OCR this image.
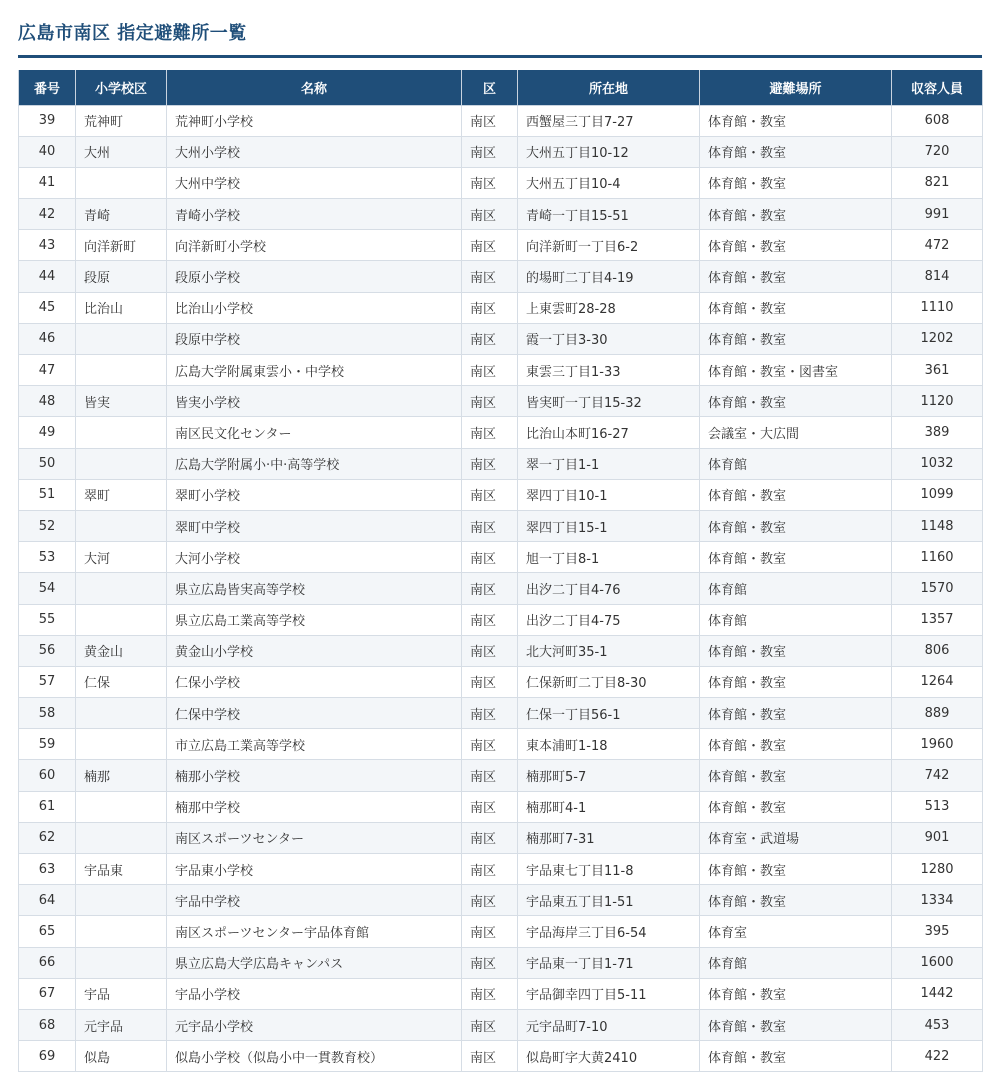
広島市南区 指定避難所一覧
番号	小学校区	名称	区	所在地	避難場所	収容人員
39	荒神町	荒神町小学校	南区	西蟹屋三丁目7-27	体育館・教室	608
40	大州	大州小学校	南区	大州五丁目10-12	体育館・教室	720
41		大州中学校	南区	大州五丁目10-4	体育館・教室	821
42	青崎	青崎小学校	南区	青崎一丁目15-51	体育館・教室	991
43	向洋新町	向洋新町小学校	南区	向洋新町一丁目6-2	体育館・教室	472
44	段原	段原小学校	南区	的場町二丁目4-19	体育館・教室	814
45	比治山	比治山小学校	南区	上東雲町28-28	体育館・教室	1110
46		段原中学校	南区	霞一丁目3-30	体育館・教室	1202
47		広島大学附属東雲小・中学校	南区	東雲三丁目1-33	体育館・教室・図書室	361
48	皆実	皆実小学校	南区	皆実町一丁目15-32	体育館・教室	1120
49		南区民文化センター	南区	比治山本町16-27	会議室・大広間	389
50		広島大学附属小·中·高等学校	南区	翠一丁目1-1	体育館	1032
51	翠町	翠町小学校	南区	翠四丁目10-1	体育館・教室	1099
52		翠町中学校	南区	翠四丁目15-1	体育館・教室	1148
53	大河	大河小学校	南区	旭一丁目8-1	体育館・教室	1160
54		県立広島皆実高等学校	南区	出汐二丁目4-76	体育館	1570
55		県立広島工業高等学校	南区	出汐二丁目4-75	体育館	1357
56	黄金山	黄金山小学校	南区	北大河町35-1	体育館・教室	806
57	仁保	仁保小学校	南区	仁保新町二丁目8-30	体育館・教室	1264
58		仁保中学校	南区	仁保一丁目56-1	体育館・教室	889
59		市立広島工業高等学校	南区	東本浦町1-18	体育館・教室	1960
60	楠那	楠那小学校	南区	楠那町5-7	体育館・教室	742
61		楠那中学校	南区	楠那町4-1	体育館・教室	513
62		南区スポーツセンター	南区	楠那町7-31	体育室・武道場	901
63	宇品東	宇品東小学校	南区	宇品東七丁目11-8	体育館・教室	1280
64		宇品中学校	南区	宇品東五丁目1-51	体育館・教室	1334
65		南区スポーツセンター宇品体育館	南区	宇品海岸三丁目6-54	体育室	395
66		県立広島大学広島キャンパス	南区	宇品東一丁目1-71	体育館	1600
67	宇品	宇品小学校	南区	宇品御幸四丁目5-11	体育館・教室	1442
68	元宇品	元宇品小学校	南区	元宇品町7-10	体育館・教室	453
69	似島	似島小学校（似島小中一貫教育校）	南区	似島町字大黄2410	体育館・教室	422
